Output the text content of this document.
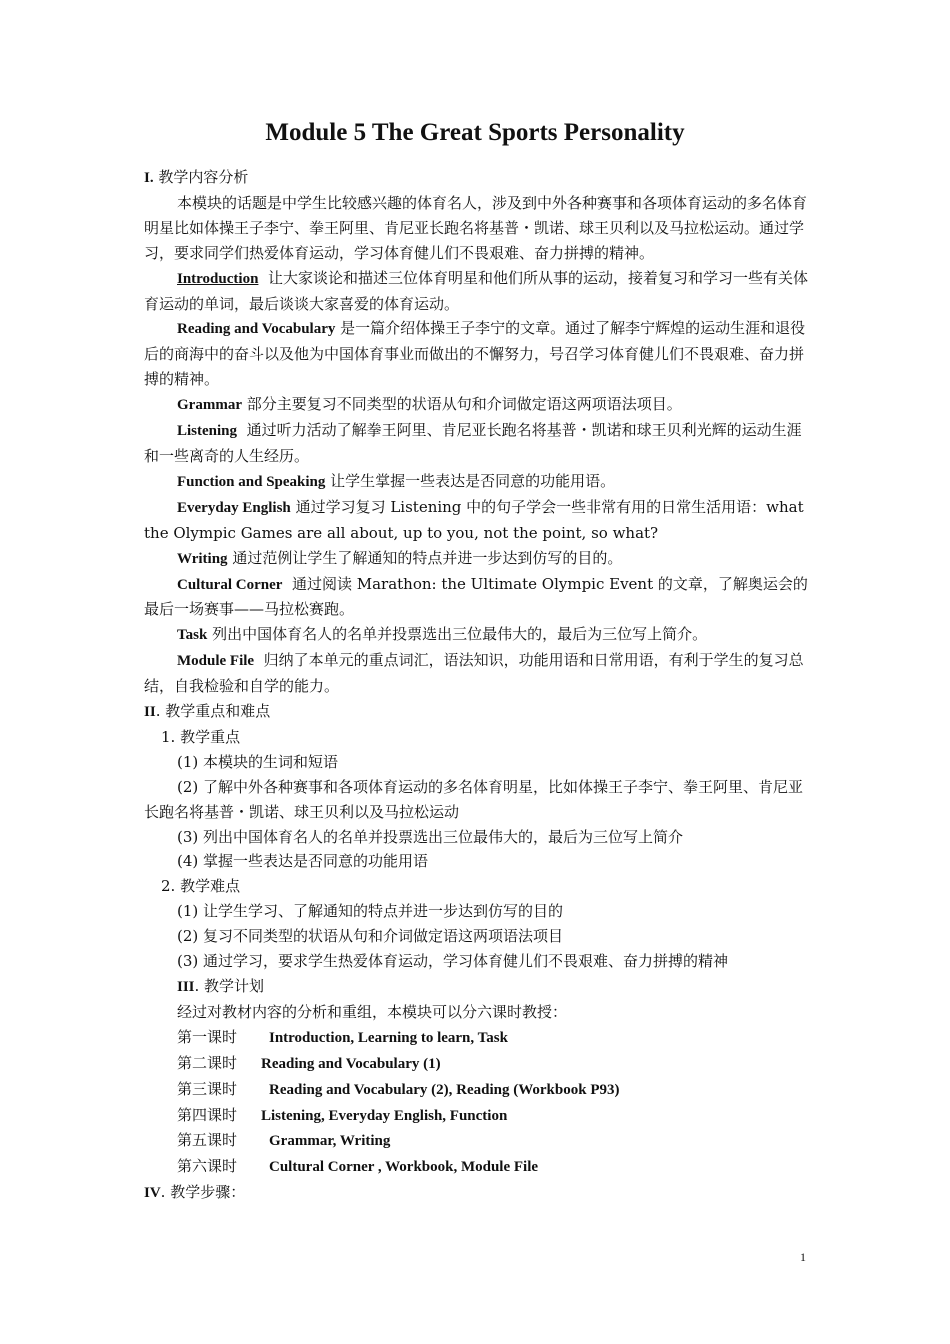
Module 5 The Great Sports Personality

I. 教学内容分析

本模块的话题是中学生比较感兴趣的体育名人，涉及到中外各种赛事和各项体育运动的多名体育明星比如体操王子李宁、拳王阿里、肯尼亚长跑名将基普・凯诺、球王贝利以及马拉松运动。通过学习，要求同学们热爱体育运动，学习体育健儿们不畏艰难、奋力拼搏的精神。

Introduction 让大家谈论和描述三位体育明星和他们所从事的运动，接着复习和学习一些有关体育运动的单词，最后谈谈大家喜爱的体育运动。

Reading and Vocabulary 是一篇介绍体操王子李宁的文章。通过了解李宁辉煌的运动生涯和退役后的商海中的奋斗以及他为中国体育事业而做出的不懈努力，号召学习体育健儿们不畏艰难、奋力拼搏的精神。

Grammar 部分主要复习不同类型的状语从句和介词做定语这两项语法项目。

Listening 通过听力活动了解拳王阿里、肯尼亚长跑名将基普・凯诺和球王贝利光辉的运动生涯和一些离奇的人生经历。

Function and Speaking 让学生掌握一些表达是否同意的功能用语。

Everyday English 通过学习复习 Listening 中的句子学会一些非常有用的日常生活用语：what the Olympic Games are all about, up to you, not the point, so what?

Writing 通过范例让学生了解通知的特点并进一步达到仿写的目的。

Cultural Corner 通过阅读 Marathon: the Ultimate Olympic Event 的文章，了解奥运会的最后一场赛事——马拉松赛跑。

Task 列出中国体育名人的名单并投票选出三位最伟大的，最后为三位写上简介。

Module File 归纳了本单元的重点词汇，语法知识，功能用语和日常用语，有利于学生的复习总结，自我检验和自学的能力。

II. 教学重点和难点

1. 教学重点

(1) 本模块的生词和短语

(2) 了解中外各种赛事和各项体育运动的多名体育明星，比如体操王子李宁、拳王阿里、肯尼亚长跑名将基普・凯诺、球王贝利以及马拉松运动

(3) 列出中国体育名人的名单并投票选出三位最伟大的，最后为三位写上简介

(4) 掌握一些表达是否同意的功能用语

2. 教学难点

(1) 让学生学习、了解通知的特点并进一步达到仿写的目的

(2) 复习不同类型的状语从句和介词做定语这两项语法项目

(3) 通过学习，要求学生热爱体育运动，学习体育健儿们不畏艰难、奋力拼搏的精神

III. 教学计划

经过对教材内容的分析和重组，本模块可以分六课时教授：

第一课时 Introduction, Learning to learn, Task

第二课时 Reading and Vocabulary (1)

第三课时 Reading and Vocabulary (2), Reading (Workbook P93)

第四课时 Listening, Everyday English, Function

第五课时 Grammar, Writing

第六课时 Cultural Corner , Workbook, Module File

IV. 教学步骤：

1
